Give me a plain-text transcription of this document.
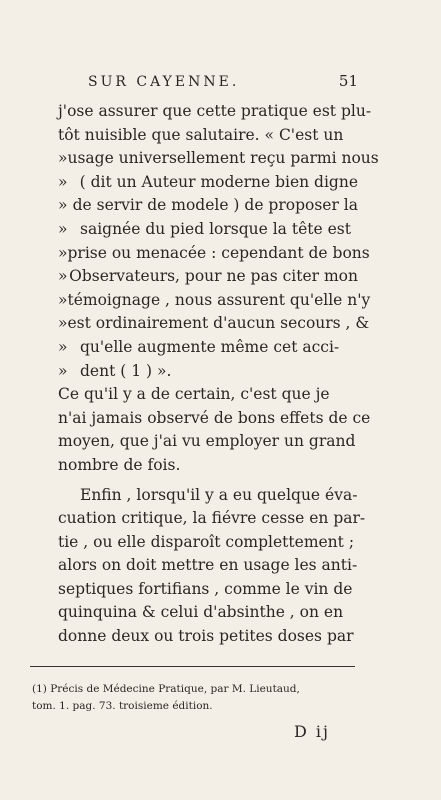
SUR CAYENNE.	51
j'ose assurer que cette pratique est plu-
tôt nuisible que salutaire. « C'est un
» usage universellement reçu parmi nous
» ( dit un Auteur moderne bien digne
» de servir de modele ) de proposer la
» saignée du pied lorsque la tête est
» prise ou menacée : cependant de bons
» Observateurs, pour ne pas citer mon
» témoignage , nous assurent qu'elle n'y
» est ordinairement d'aucun secours , &
» qu'elle augmente même cet acci-
» dent ( 1 ) ».
Ce qu'il y a de certain, c'est que je
n'ai jamais observé de bons effets de ce
moyen, que j'ai vu employer un grand
nombre de fois.
Enfin , lorsqu'il y a eu quelque éva-
cuation critique, la fiévre cesse en par-
tie , ou elle disparoît complettement ;
alors on doit mettre en usage les anti-
septiques fortifians , comme le vin de
quinquina & celui d'absinthe , on en
donne deux ou trois petites doses par
(1) Précis de Médecine Pratique, par M. Lieutaud,
tom. 1. pag. 73. troisieme édition.
D ij
